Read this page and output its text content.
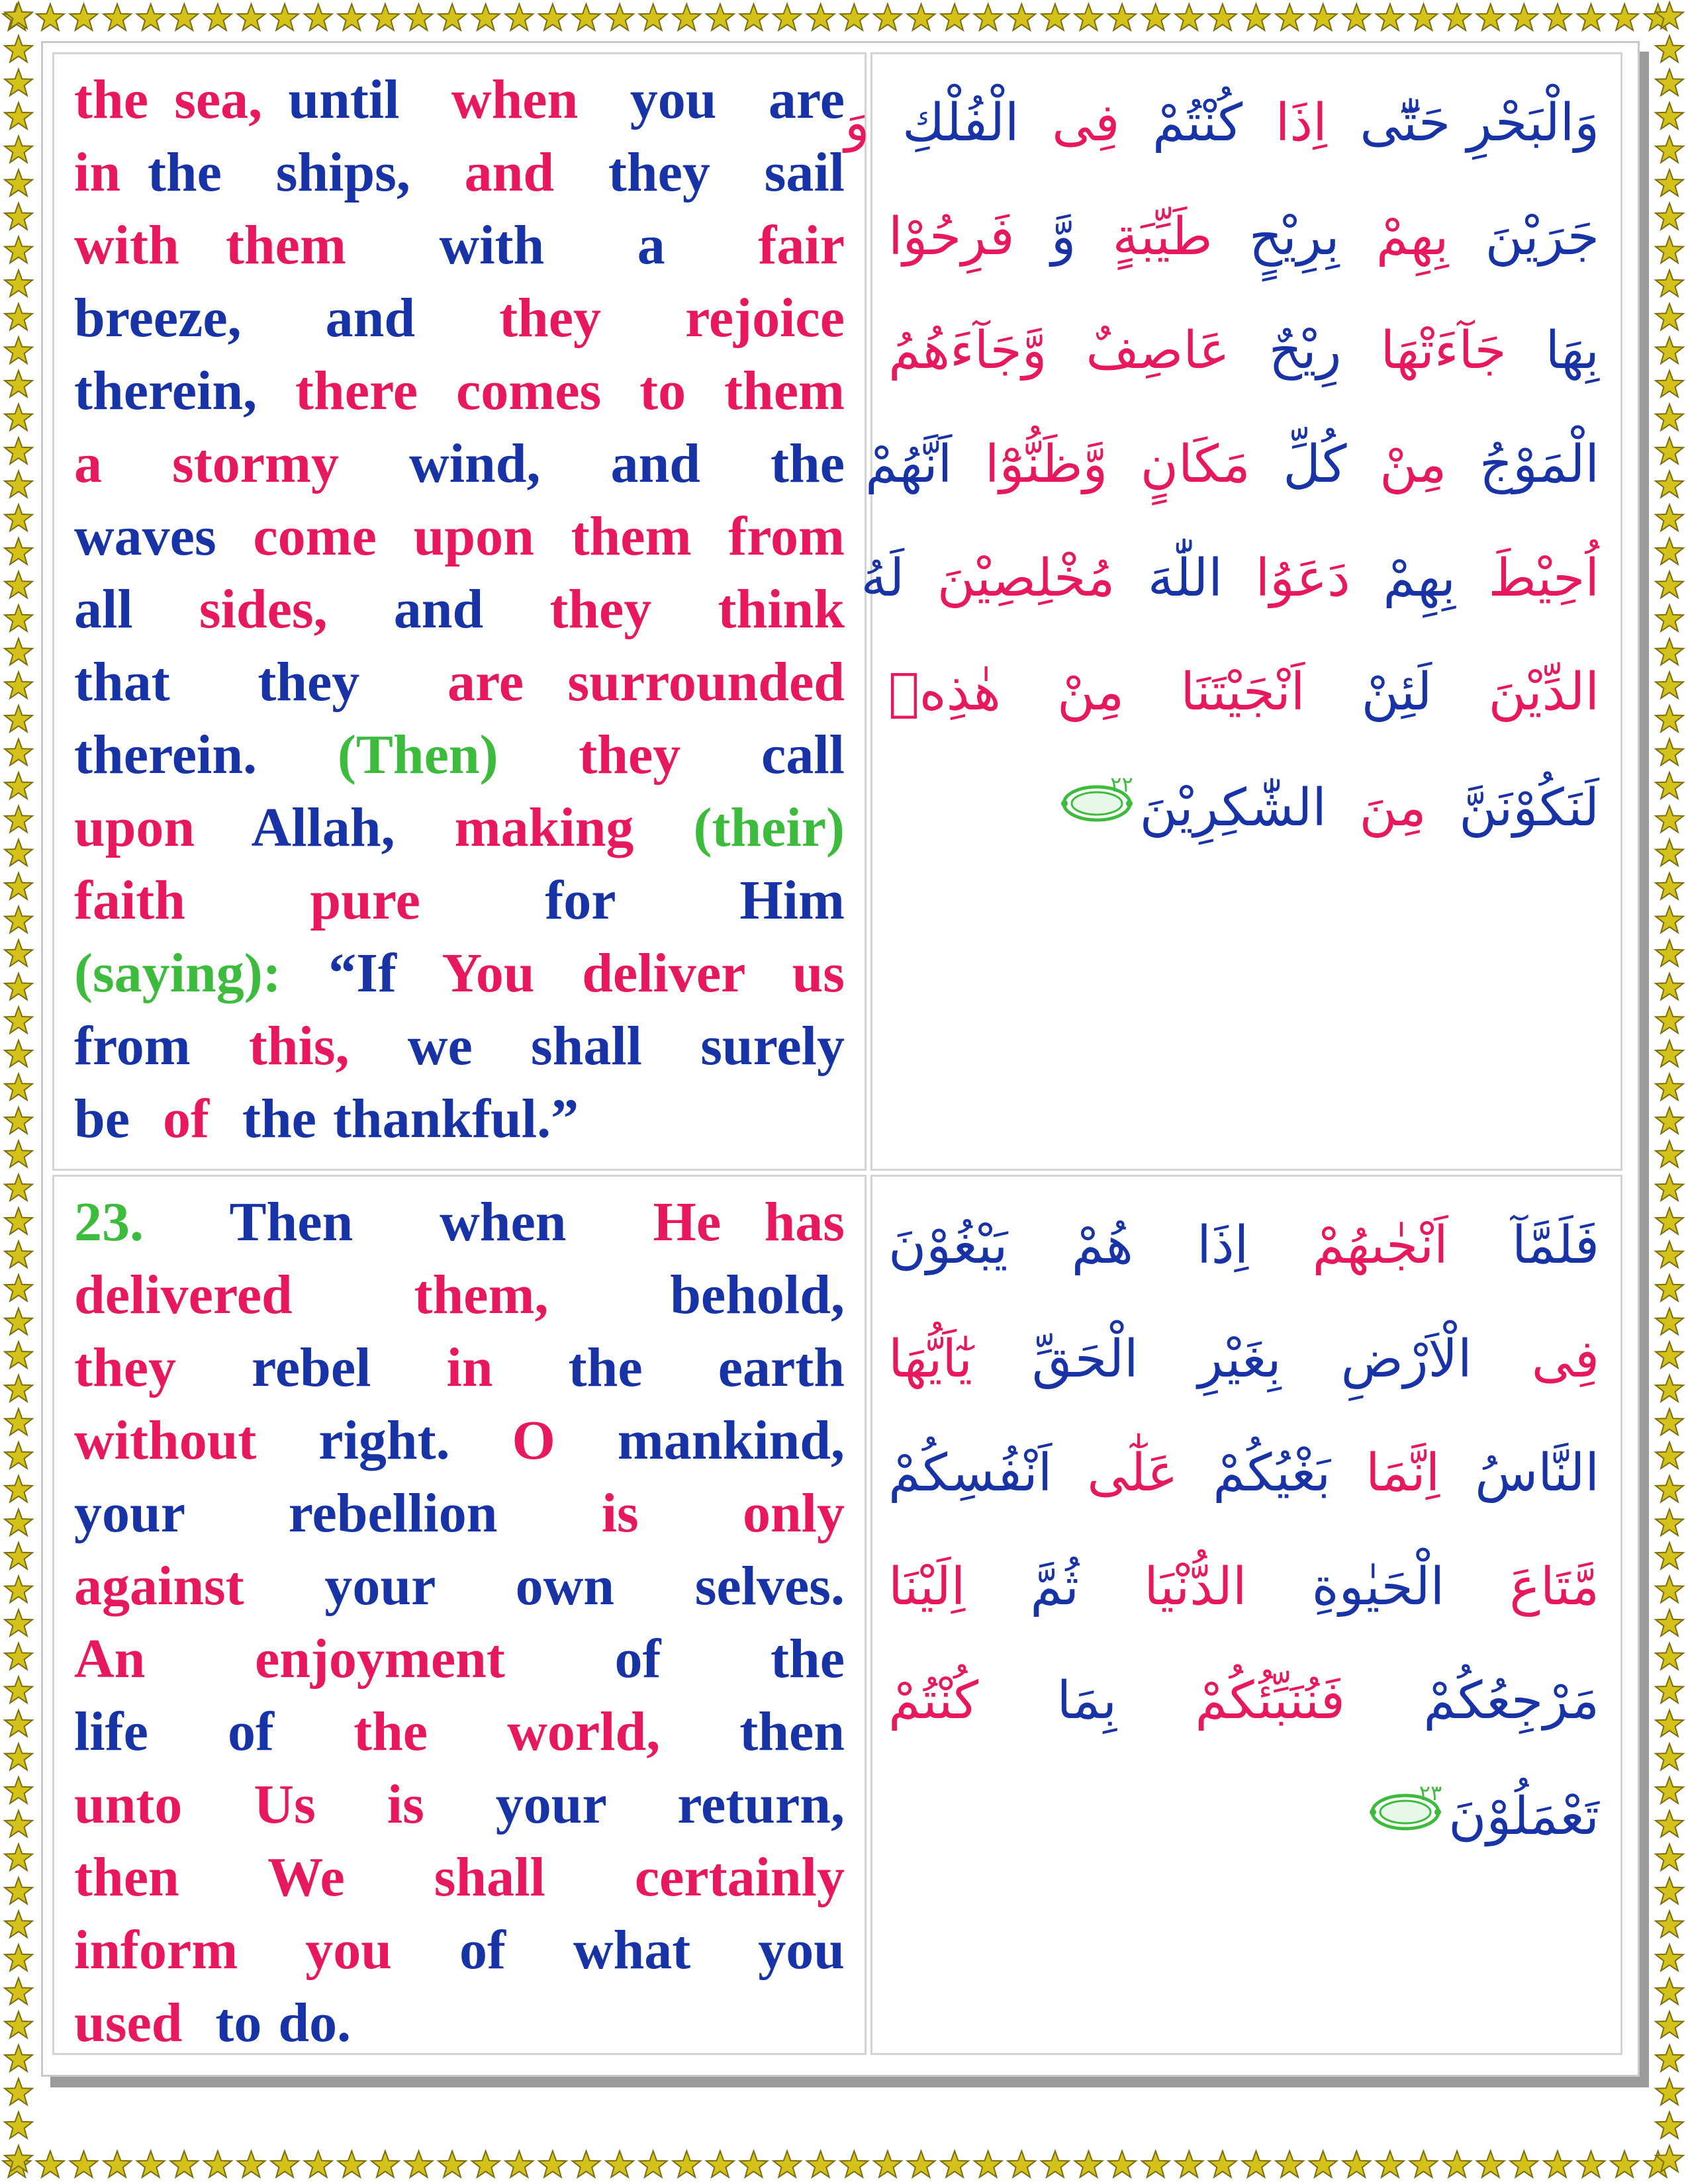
the sea, until  when  you  are
in the  ships,  and  they  sail
with them  with  a  fair
breeze,  and  they  rejoice
therein, there comes to them
a  stormy  wind,  and  the
waves come upon them from
all  sides,  and  they  think
that  they  are surrounded
therein.  (Then)  they  call
upon  Allah,  making  (their)
faith  pure  for  Him
(saying):  “If  You  deliver  us
from  this,  we  shall  surely
be  of  the thankful.”
وَالْبَحْرِ حَتّٰٓى  اِذَا  كُنْتُمْ  فِى  الْفُلْكِ  وَ
جَرَيْنَ  بِهِمْ  بِرِيْحٍ  طَيِّبَةٍ  وَّ  فَرِحُوْا
بِهَا  جَآءَتْهَا  رِيْحٌ  عَاصِفٌ  وَّجَآءَهُمُ
الْمَوْجُ  مِنْ  كُلِّ  مَكَانٍ  وَّظَنُّوْٓا  اَنَّهُمْ
اُحِيْطَ  بِهِمْ  دَعَوُا  اللّٰهَ  مُخْلِصِيْنَ  لَهُ
الدِّيْنَ  لَئِنْ  اَنْجَيْتَنَا  مِنْ  هٰذِهٖ
لَنَكُوْنَنَّ  مِنَ  الشّٰكِرِيْنَ٢٢
23.  Then  when  He has
delivered  them,  behold,
they  rebel  in  the  earth
without  right.  O  mankind,
your  rebellion  is  only
against  your  own  selves.
An  enjoyment  of  the
life  of  the  world,  then
unto  Us  is  your  return,
then  We  shall  certainly
inform  you  of  what  you
used  to do.
فَلَمَّآ  اَنْجٰىهُمْ  اِذَا  هُمْ  يَبْغُوْنَ
فِى  الْاَرْضِ  بِغَيْرِ  الْحَقِّ  يٰٓاَيُّهَا
النَّاسُ  اِنَّمَا  بَغْيُكُمْ  عَلٰٓى  اَنْفُسِكُمْ
مَّتَاعَ  الْحَيٰوةِ  الدُّنْيَا  ثُمَّ  اِلَيْنَا
مَرْجِعُكُمْ  فَنُنَبِّئُكُمْ  بِمَا  كُنْتُمْ
تَعْمَلُوْنَ٢٣
